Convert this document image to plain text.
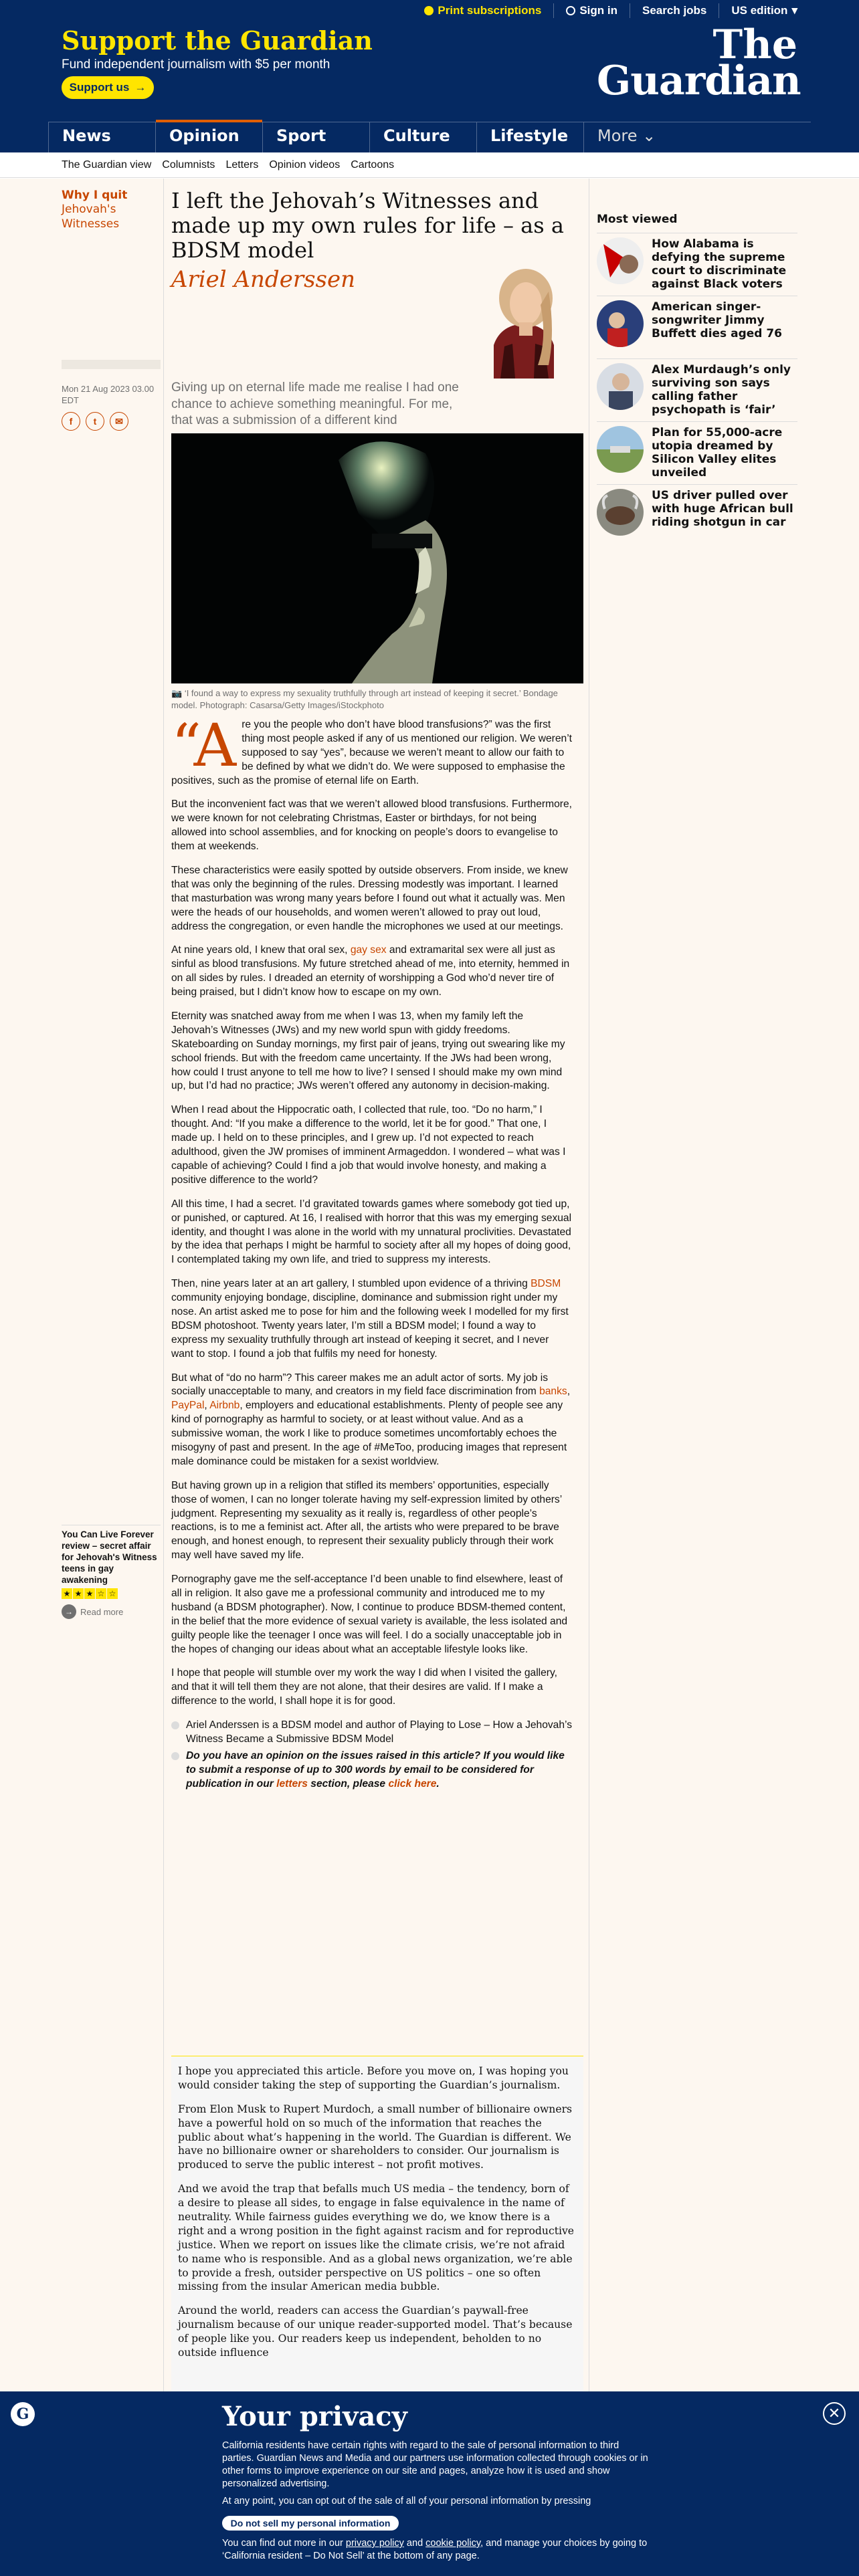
Print subscriptions	Sign in Search jobs US edition ▾
Support the Guardian
Fund independent journalism with $5 per month
Support us →
The
Guardian
News	Opinion	Sport	Culture	Lifestyle	More ⌄
The Guardian view Columnists Letters Opinion videos Cartoons
Why I quit
Jehovah's Witnesses
Mon 21 Aug 2023 03.00 EDT
f	t	✉
I left the Jehovah’s Witnesses and made up my own rules for life – as a BDSM model
Ariel Anderssen
Giving up on eternal life made me realise I had one chance to achieve something meaningful. For me, that was a submission of a different kind
📷 ‘I found a way to express my sexuality truthfully through art instead of keeping it secret.’ Bondage model. Photograph: Casarsa/Getty Images/iStockphoto

“A re you the people who don’t have blood transfusions?” was the first thing most people asked if any of us mentioned our religion. We weren’t supposed to say “yes”, because we weren’t meant to allow our faith to be defined by what we didn’t do. We were supposed to emphasise the positives, such as the promise of eternal life on Earth.

But the inconvenient fact was that we weren’t allowed blood transfusions. Furthermore, we were known for not celebrating Christmas, Easter or birthdays, for not being allowed into school assemblies, and for knocking on people’s doors to evangelise to them at weekends.

These characteristics were easily spotted by outside observers. From inside, we knew that was only the beginning of the rules. Dressing modestly was important. I learned that masturbation was wrong many years before I found out what it actually was. Men were the heads of our households, and women weren’t allowed to pray out loud, address the congregation, or even handle the microphones we used at our meetings.

At nine years old, I knew that oral sex, gay sex and extramarital sex were all just as sinful as blood transfusions. My future stretched ahead of me, into eternity, hemmed in on all sides by rules. I dreaded an eternity of worshipping a God who’d never tire of being praised, but I didn’t know how to escape on my own.

Eternity was snatched away from me when I was 13, when my family left the Jehovah’s Witnesses (JWs) and my new world spun with giddy freedoms. Skateboarding on Sunday mornings, my first pair of jeans, trying out swearing like my school friends. But with the freedom came uncertainty. If the JWs had been wrong, how could I trust anyone to tell me how to live? I sensed I should make my own mind up, but I’d had no practice; JWs weren’t offered any autonomy in decision-making.

When I read about the Hippocratic oath, I collected that rule, too. “Do no harm,” I thought. And: “If you make a difference to the world, let it be for good.” That one, I made up. I held on to these principles, and I grew up. I’d not expected to reach adulthood, given the JW promises of imminent Armageddon. I wondered – what was I capable of achieving? Could I find a job that would involve honesty, and making a positive difference to the world?

All this time, I had a secret. I’d gravitated towards games where somebody got tied up, or punished, or captured. At 16, I realised with horror that this was my emerging sexual identity, and thought I was alone in the world with my unnatural proclivities. Devastated by the idea that perhaps I might be harmful to society after all my hopes of doing good, I contemplated taking my own life, and tried to suppress my interests.

Then, nine years later at an art gallery, I stumbled upon evidence of a thriving BDSM community enjoying bondage, discipline, dominance and submission right under my nose. An artist asked me to pose for him and the following week I modelled for my first BDSM photoshoot. Twenty years later, I’m still a BDSM model; I found a way to express my sexuality truthfully through art instead of keeping it secret, and I never want to stop. I found a job that fulfils my need for honesty.

But what of “do no harm”? This career makes me an adult actor of sorts. My job is socially unacceptable to many, and creators in my field face discrimination from banks, PayPal, Airbnb, employers and educational establishments. Plenty of people see any kind of pornography as harmful to society, or at least without value. And as a submissive woman, the work I like to produce sometimes uncomfortably echoes the misogyny of past and present. In the age of #MeToo, producing images that represent male dominance could be mistaken for a sexist worldview.

But having grown up in a religion that stifled its members’ opportunities, especially those of women, I can no longer tolerate having my self-expression limited by others’ judgment. Representing my sexuality as it really is, regardless of other people’s reactions, is to me a feminist act. After all, the artists who were prepared to be brave enough, and honest enough, to represent their sexuality publicly through their work may well have saved my life.

Pornography gave me the self-acceptance I’d been unable to find elsewhere, least of all in religion. It also gave me a professional community and introduced me to my husband (a BDSM photographer). Now, I continue to produce BDSM-themed content, in the belief that the more evidence of sexual variety is available, the less isolated and guilty people like the teenager I once was will feel. I do a socially unacceptable job in the hopes of changing our ideas about what an acceptable lifestyle looks like.

I hope that people will stumble over my work the way I did when I visited the gallery, and that it will tell them they are not alone, that their desires are valid. If I make a difference to the world, I shall hope it is for good.

Ariel Anderssen is a BDSM model and author of Playing to Lose – How a Jehovah’s Witness Became a Submissive BDSM Model
Do you have an opinion on the issues raised in this article? If you would like to submit a response of up to 300 words by email to be considered for publication in our letters section, please click here.
You Can Live Forever review – secret affair for Jehovah's Witness teens in gay awakening
★ ★ ★ ☆ ☆
→ Read more
Most viewed
How Alabama is defying the supreme court to discriminate against Black voters
American singer-songwriter Jimmy Buffett dies aged 76
Alex Murdaugh’s only surviving son says calling father psychopath is ‘fair’
Plan for 55,000-acre utopia dreamed by Silicon Valley elites unveiled
US driver pulled over with huge African bull riding shotgun in car

I hope you appreciated this article. Before you move on, I was hoping you would consider taking the step of supporting the Guardian’s journalism.

From Elon Musk to Rupert Murdoch, a small number of billionaire owners have a powerful hold on so much of the information that reaches the public about what’s happening in the world. The Guardian is different. We have no billionaire owner or shareholders to consider. Our journalism is produced to serve the public interest – not profit motives.

And we avoid the trap that befalls much US media – the tendency, born of a desire to please all sides, to engage in false equivalence in the name of neutrality. While fairness guides everything we do, we know there is a right and a wrong position in the fight against racism and for reproductive justice. When we report on issues like the climate crisis, we’re not afraid to name who is responsible. And as a global news organization, we’re able to provide a fresh, outsider perspective on US politics – one so often missing from the insular American media bubble.

Around the world, readers can access the Guardian’s paywall-free journalism because of our unique reader-supported model. That’s because of people like you. Our readers keep us independent, beholden to no outside influence

G	✕
Your privacy

California residents have certain rights with regard to the sale of personal information to third parties. Guardian News and Media and our partners use information collected through cookies or in other forms to improve experience on our site and pages, analyze how it is used and show personalized advertising.

At any point, you can opt out of the sale of all of your personal information by pressing

Do not sell my personal information
You can find out more in our privacy policy and cookie policy, and manage your choices by going to ‘California resident – Do Not Sell’ at the bottom of any page.
